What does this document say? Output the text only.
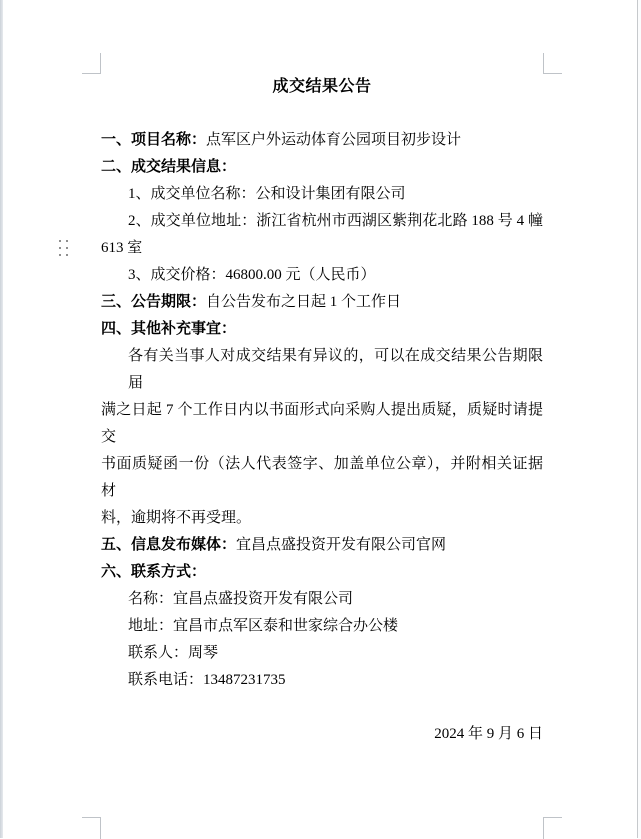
成交结果公告
一、项目名称：点军区户外运动体育公园项目初步设计
二、成交结果信息：
1、成交单位名称：公和设计集团有限公司
2、成交单位地址：浙江省杭州市西湖区紫荆花北路 188 号 4 幢
613 室
3、成交价格：46800.00 元（人民币）
三、公告期限：自公告发布之日起 1 个工作日
四、其他补充事宜：
各有关当事人对成交结果有异议的，可以在成交结果公告期限届
满之日起 7 个工作日内以书面形式向采购人提出质疑，质疑时请提交
书面质疑函一份（法人代表签字、加盖单位公章），并附相关证据材
料，逾期将不再受理。
五、信息发布媒体：宜昌点盛投资开发有限公司官网
六、联系方式：
名称：宜昌点盛投资开发有限公司
地址：宜昌市点军区泰和世家综合办公楼
联系人：周琴
联系电话：13487231735
2024 年 9 月 6 日
